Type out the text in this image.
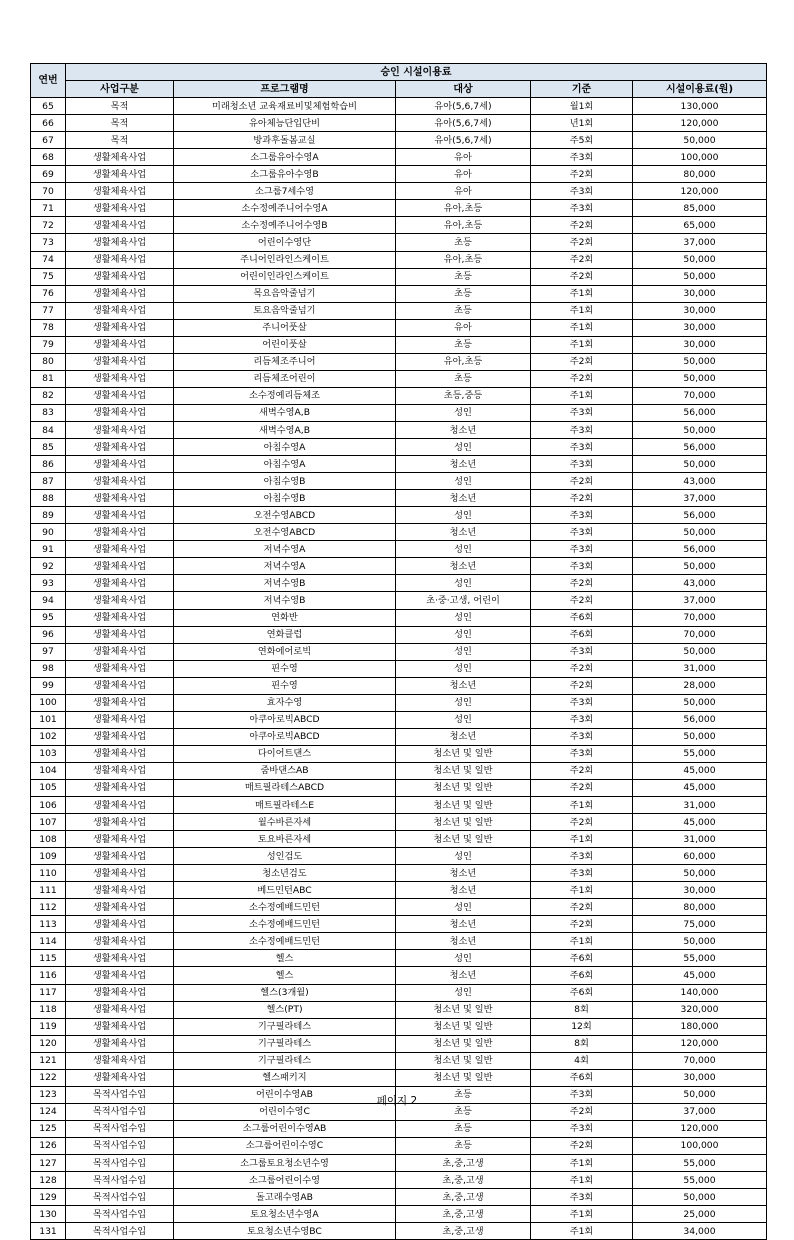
연번	승인 시설이용료				
	사업구분	프로그램명	대상	기준	시설이용료(원)
65	목적	미래청소년 교육재료비및체험학습비	유아(5,6,7세)	월1회	130,000
66	목적	유아체능단입단비	유아(5,6,7세)	년1회	120,000
67	목적	방과후돌봄교실	유아(5,6,7세)	주5회	50,000
68	생활체육사업	소그룹유아수영A	유아	주3회	100,000
69	생활체육사업	소그룹유아수영B	유아	주2회	80,000
70	생활체육사업	소그룹7세수영	유아	주3회	120,000
71	생활체육사업	소수정예주니어수영A	유아,초등	주3회	85,000
72	생활체육사업	소수정예주니어수영B	유아,초등	주2회	65,000
73	생활체육사업	어린이수영단	초등	주2회	37,000
74	생활체육사업	주니어인라인스케이트	유아,초등	주2회	50,000
75	생활체육사업	어린이인라인스케이트	초등	주2회	50,000
76	생활체육사업	목요음악줄넘기	초등	주1회	30,000
77	생활체육사업	토요음악줄넘기	초등	주1회	30,000
78	생활체육사업	주니어풋살	유아	주1회	30,000
79	생활체육사업	어린이풋살	초등	주1회	30,000
80	생활체육사업	리듬체조주니어	유아,초등	주2회	50,000
81	생활체육사업	리듬체조어린이	초등	주2회	50,000
82	생활체육사업	소수정예리듬체조	초등,중등	주1회	70,000
83	생활체육사업	새벽수영A,B	성인	주3회	56,000
84	생활체육사업	새벽수영A,B	청소년	주3회	50,000
85	생활체육사업	아침수영A	성인	주3회	56,000
86	생활체육사업	아침수영A	청소년	주3회	50,000
87	생활체육사업	아침수영B	성인	주2회	43,000
88	생활체육사업	아침수영B	청소년	주2회	37,000
89	생활체육사업	오전수영ABCD	성인	주3회	56,000
90	생활체육사업	오전수영ABCD	청소년	주3회	50,000
91	생활체육사업	저녁수영A	성인	주3회	56,000
92	생활체육사업	저녁수영A	청소년	주3회	50,000
93	생활체육사업	저녁수영B	성인	주2회	43,000
94	생활체육사업	저녁수영B	초·중·고생, 어린이	주2회	37,000
95	생활체육사업	연화반	성인	주6회	70,000
96	생활체육사업	연화클럽	성인	주6회	70,000
97	생활체육사업	연화에어로빅	성인	주3회	50,000
98	생활체육사업	핀수영	성인	주2회	31,000
99	생활체육사업	핀수영	청소년	주2회	28,000
100	생활체육사업	효자수영	성인	주3회	50,000
101	생활체육사업	아쿠아로빅ABCD	성인	주3회	56,000
102	생활체육사업	아쿠아로빅ABCD	청소년	주3회	50,000
103	생활체육사업	다이어트댄스	청소년 및 일반	주3회	55,000
104	생활체육사업	줌바댄스AB	청소년 및 일반	주2회	45,000
105	생활체육사업	매트필라테스ABCD	청소년 및 일반	주2회	45,000
106	생활체육사업	매트필라테스E	청소년 및 일반	주1회	31,000
107	생활체육사업	월수바른자세	청소년 및 일반	주2회	45,000
108	생활체육사업	토요바른자세	청소년 및 일반	주1회	31,000
109	생활체육사업	성인검도	성인	주3회	60,000
110	생활체육사업	청소년검도	청소년	주3회	50,000
111	생활체육사업	베드민턴ABC	청소년	주1회	30,000
112	생활체육사업	소수정예배드민턴	성인	주2회	80,000
113	생활체육사업	소수정예배드민턴	청소년	주2회	75,000
114	생활체육사업	소수정예배드민턴	청소년	주1회	50,000
115	생활체육사업	헬스	성인	주6회	55,000
116	생활체육사업	헬스	청소년	주6회	45,000
117	생활체육사업	헬스(3개월)	성인	주6회	140,000
118	생활체육사업	헬스(PT)	청소년 및 일반	8회	320,000
119	생활체육사업	기구필라테스	청소년 및 일반	12회	180,000
120	생활체육사업	기구필라테스	청소년 및 일반	8회	120,000
121	생활체육사업	기구필라테스	청소년 및 일반	4회	70,000
122	생활체육사업	헬스패키지	청소년 및 일반	주6회	30,000
123	목적사업수입	어린이수영AB	초등	주3회	50,000
124	목적사업수입	어린이수영C	초등	주2회	37,000
125	목적사업수입	소그룹어린이수영AB	초등	주3회	120,000
126	목적사업수입	소그룹어린이수영C	초등	주2회	100,000
127	목적사업수입	소그룹토요청소년수영	초,중,고생	주1회	55,000
128	목적사업수입	소그룹어린이수영	초,중,고생	주1회	55,000
129	목적사업수입	돌고래수영AB	초,중,고생	주3회	50,000
130	목적사업수입	토요청소년수영A	초,중,고생	주1회	25,000
131	목적사업수입	토요청소년수영BC	초,중,고생	주1회	34,000
페이지 2
